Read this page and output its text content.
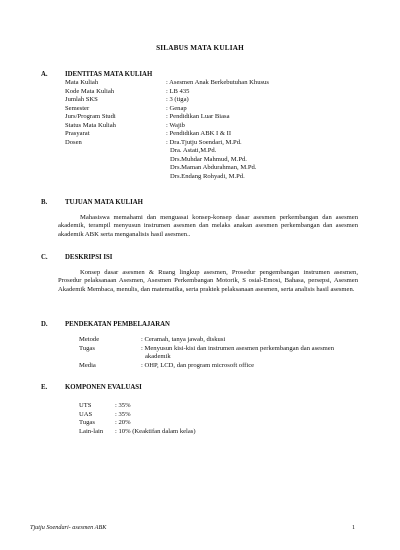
SILABUS MATA KULIAH
A.	IDENTITAS MATA KULIAH
Mata Kuliah	: Asesmen Anak Berkebutuhan Khusus
Kode Mata Kuliah	: LB 435
Jumlah SKS	: 3 (tiga)
Semester	: Genap
Jurs/Program Studi	: Pendidikan Luar Biasa
Status Mata Kuliah	: Wajib
Prasyarat	: Pendidikan ABK I & II
Dosen	: Dra.Tjutju Soendari, M.Pd.
Dra. Astati,M.Pd.
Drs.Muhdar Mahmud, M.Pd.
Drs.Maman Abdurahman, M.Pd.
Drs.Endang Rohyadi, M.Pd.
B.	TUJUAN MATA KULIAH
Mahasiswa memahami dan menguasai konsep-konsep dasar asesmen perkembangan dan asesmen akademik, terampil menyusun instrumen asesmen dan melaks anakan asesmen perkembangan dan asesmen akademik ABK serta menganalisis hasil asesmen..
C.	DESKRIPSI ISI
Konsep dasar asesmen & Ruang lingkup asesmen, Prosedur pengembangan instrumen asesmen, Prosedur pelaksanaan Asesmen, Asesmen Perkembangan Motorik, S osial-Emosi, Bahasa, persepsi, Asesmen Akademik Membaca, menulis, dan matematika, serta praktek pelaksanaan asesmen, serta analisis hasil asesmen.
D.	PENDEKATAN PEMBELAJARAN
Metode	: Ceramah, tanya jawab, diskusi
Tugas	: Menyusun kisi-kisi dan instrumen asesmen perkembangan dan asesmen
akademik
Media	: OHP, LCD, dan program microsoft office
E.	KOMPONEN EVALUASI
UTS	: 35%
UAS	: 35%
Tugas	: 20%
Lain-lain : 10% (Keaktifan dalam kelas)
Tjutju Soendari- asesmen ABK	1
